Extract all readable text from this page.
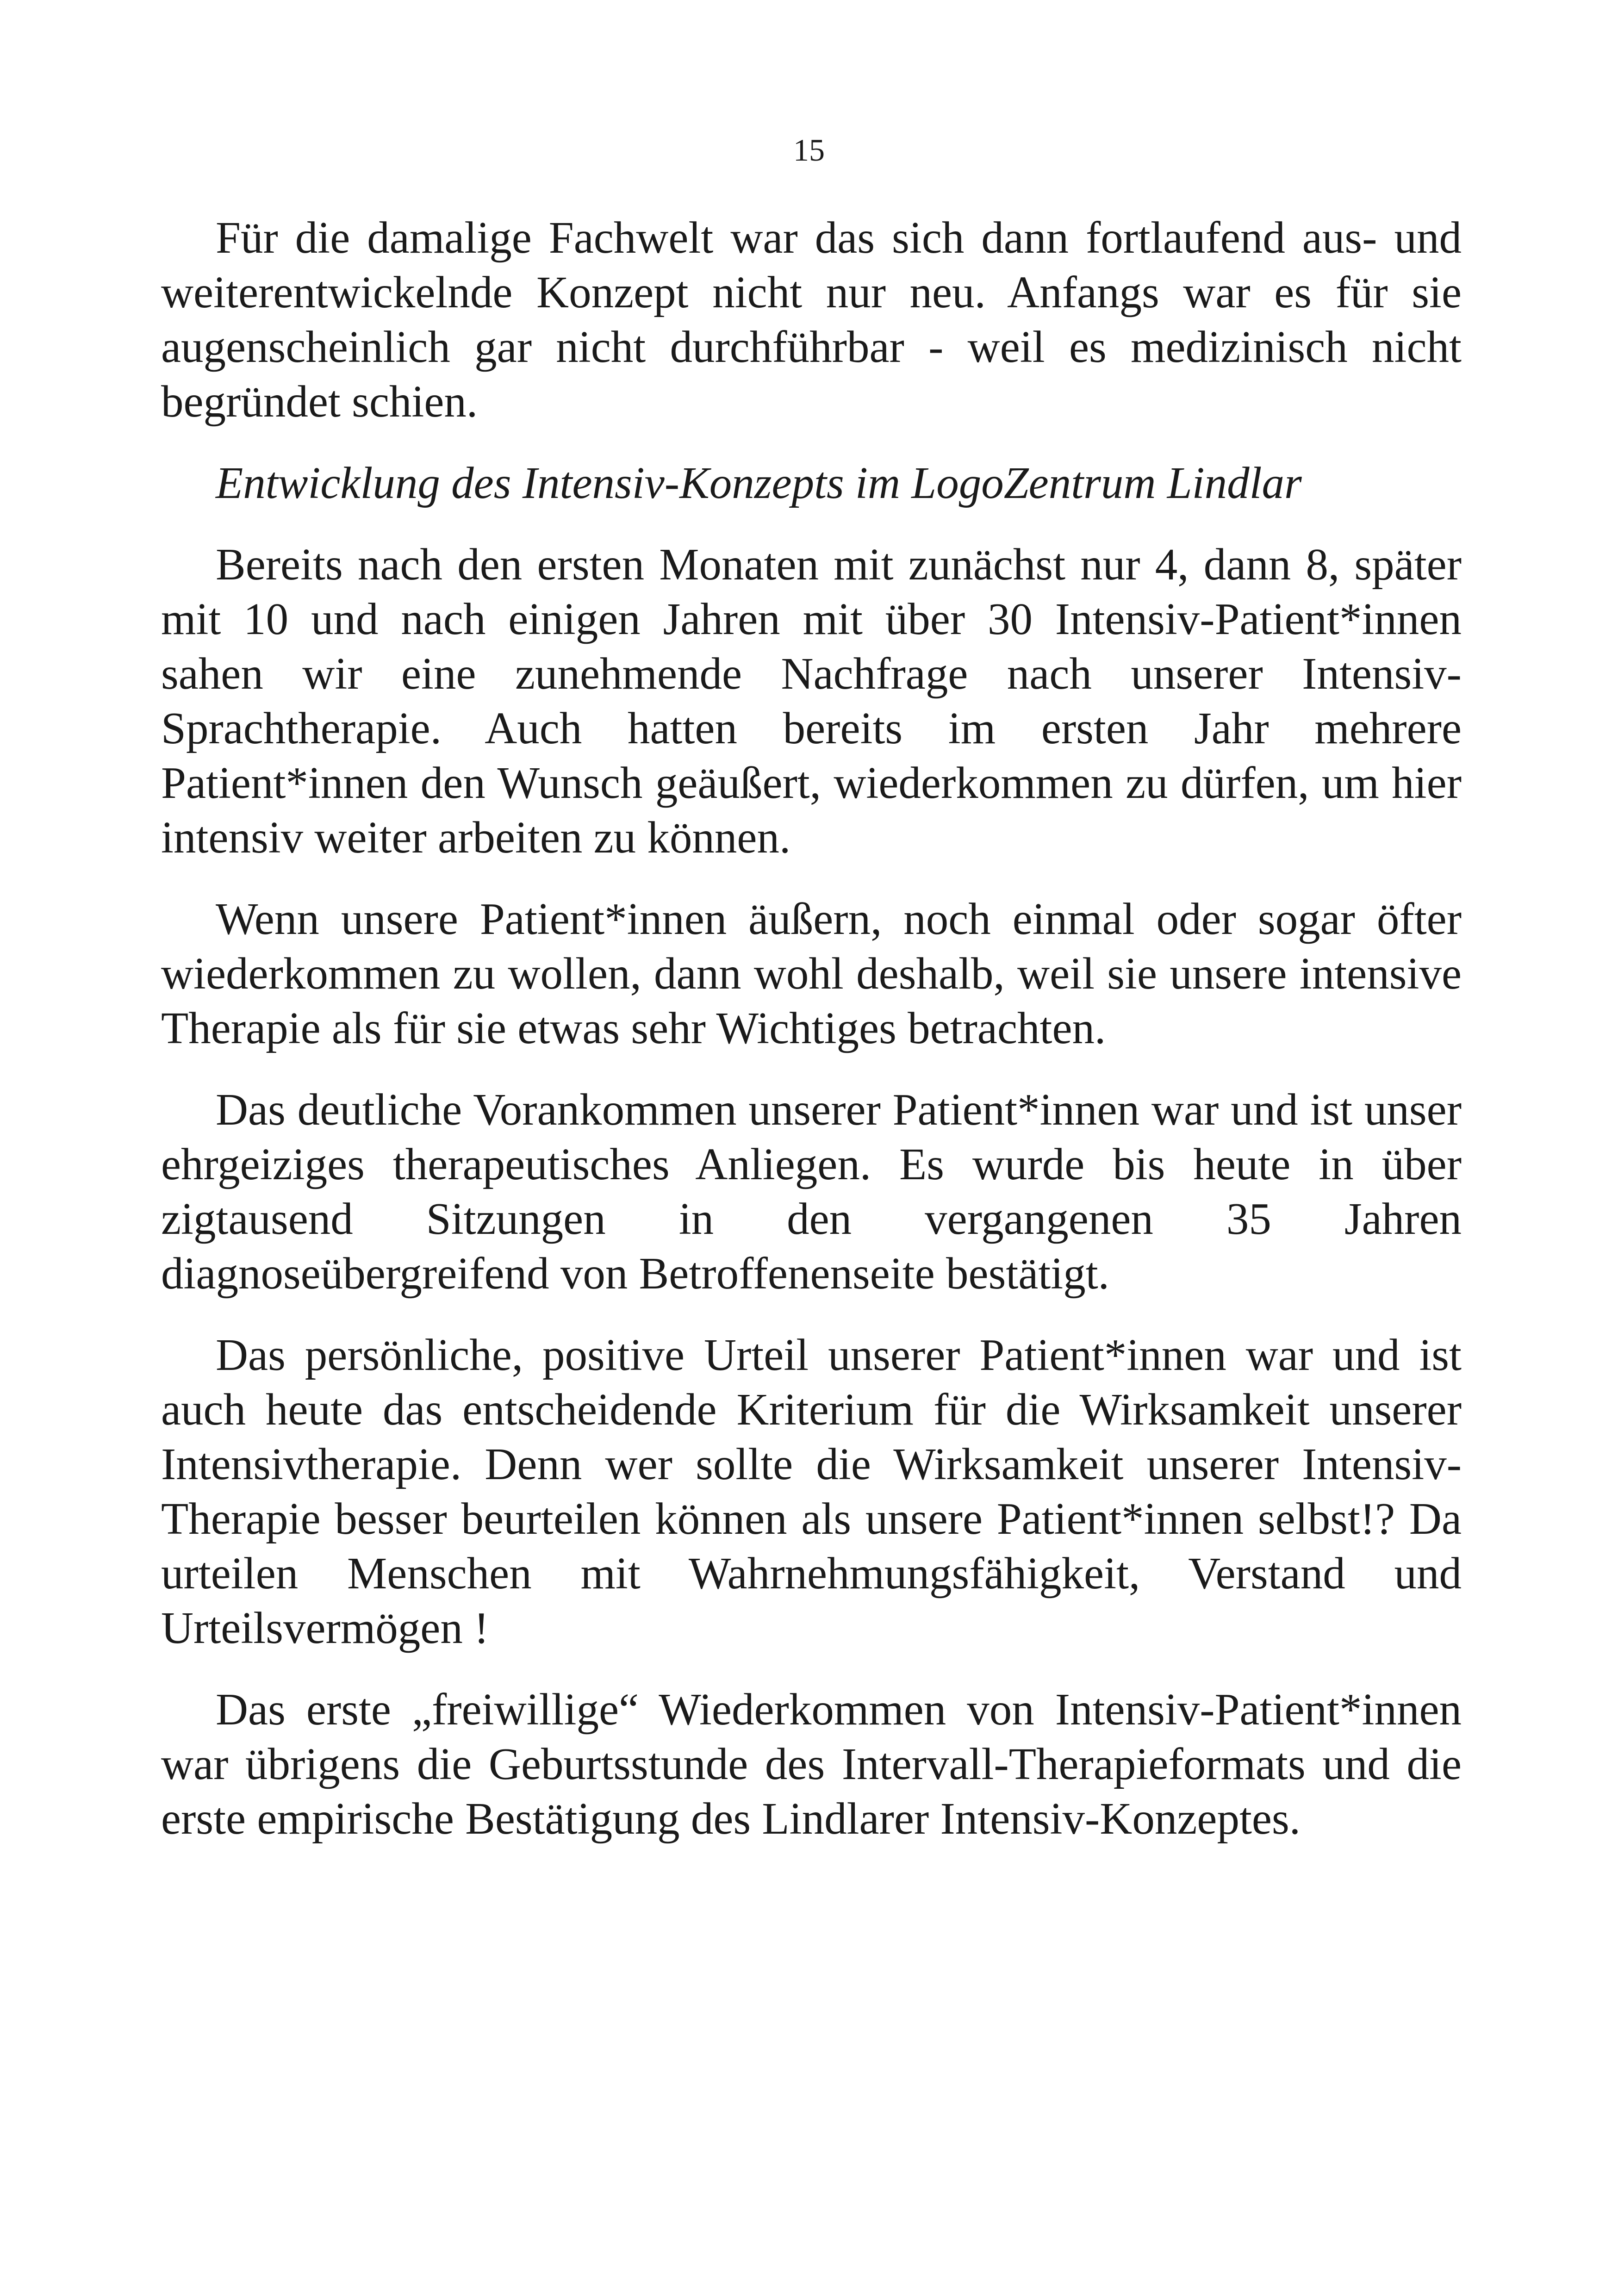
15

Für die damalige Fachwelt war das sich dann fortlaufend aus- und weiterentwickelnde Konzept nicht nur neu. Anfangs war es für sie augenscheinlich gar nicht durchführbar - weil es medizinisch nicht begründet schien.

Entwicklung des Intensiv-Konzepts im LogoZentrum Lindlar

Bereits nach den ersten Monaten mit zunächst nur 4, dann 8, später mit 10 und nach einigen Jahren mit über 30 Intensiv-Patient*innen sahen wir eine zunehmende Nachfrage nach unserer Intensiv-Sprachtherapie. Auch hatten bereits im ersten Jahr mehrere Patient*innen den Wunsch geäußert, wiederkommen zu dürfen, um hier intensiv weiter arbeiten zu können.

Wenn unsere Patient*innen äußern, noch einmal oder sogar öfter wiederkommen zu wollen, dann wohl deshalb, weil sie unsere intensive Therapie als für sie etwas sehr Wichtiges betrachten.

Das deutliche Vorankommen unserer Patient*innen war und ist unser ehrgeiziges therapeutisches Anliegen. Es wurde bis heute in über zigtausend Sitzungen in den vergangenen 35 Jahren diagnoseübergreifend von Betroffenenseite bestätigt.

Das persönliche, positive Urteil unserer Patient*innen war und ist auch heute das entscheidende Kriterium für die Wirksamkeit unserer Intensivtherapie. Denn wer sollte die Wirksamkeit unserer Intensiv-Therapie besser beurteilen können als unsere Patient*innen selbst!? Da urteilen Menschen mit Wahrnehmungsfähigkeit, Verstand und Urteilsvermögen !

Das erste „freiwillige“ Wiederkommen von Intensiv-Patient*innen war übrigens die Geburtsstunde des Intervall-Therapieformats und die erste empirische Bestätigung des Lindlarer Intensiv-Konzeptes.
